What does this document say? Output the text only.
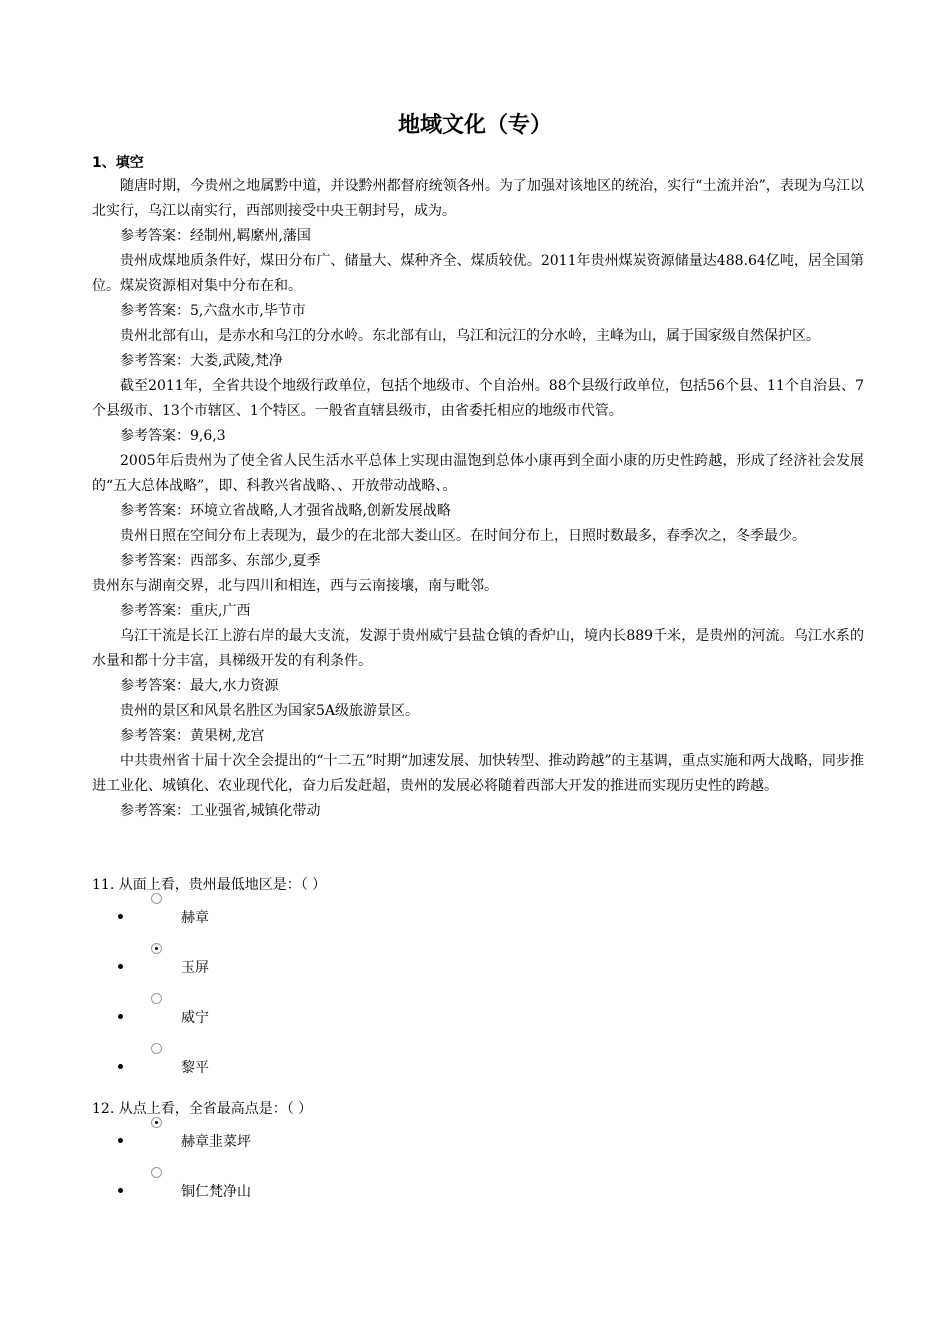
地域文化（专）
1、填空

随唐时期，今贵州之地属黔中道，并设黔州都督府统领各州。为了加强对该地区的统治，实行“土流并治”，表现为乌江以北实行，乌江以南实行，西部则接受中央王朝封号，成为。

参考答案：经制州,羁縻州,藩国

贵州成煤地质条件好，煤田分布广、储量大、煤种齐全、煤质较优。2011年贵州煤炭资源储量达488.64亿吨，居全国第位。煤炭资源相对集中分布在和。

参考答案：5,六盘水市,毕节市

贵州北部有山，是赤水和乌江的分水岭。东北部有山，乌江和沅江的分水岭，主峰为山，属于国家级自然保护区。

参考答案：大娄,武陵,梵净

截至2011年，全省共设个地级行政单位，包括个地级市、个自治州。88个县级行政单位，包括56个县、11个自治县、7个县级市、13个市辖区、1个特区。一般省直辖县级市，由省委托相应的地级市代管。

参考答案：9,6,3

2005年后贵州为了使全省人民生活水平总体上实现由温饱到总体小康再到全面小康的历史性跨越，形成了经济社会发展的“五大总体战略”，即、科教兴省战略、、开放带动战略、。

参考答案：环境立省战略,人才强省战略,创新发展战略

贵州日照在空间分布上表现为，最少的在北部大娄山区。在时间分布上，日照时数最多，春季次之，冬季最少。

参考答案：西部多、东部少,夏季

贵州东与湖南交界，北与四川和相连，西与云南接壤，南与毗邻。

参考答案：重庆,广西

乌江干流是长江上游右岸的最大支流，发源于贵州威宁县盐仓镇的香炉山，境内长889千米，是贵州的河流。乌江水系的水量和都十分丰富，具梯级开发的有利条件。

参考答案：最大,水力资源

贵州的景区和风景名胜区为国家5A级旅游景区。

参考答案：黄果树,龙宫

中共贵州省十届十次全会提出的“十二五”时期“加速发展、加快转型、推动跨越”的主基调，重点实施和两大战略，同步推进工业化、城镇化、农业现代化，奋力后发赶超，贵州的发展必将随着西部大开发的推进而实现历史性的跨越。

参考答案：工业强省,城镇化带动

11. 从面上看，贵州最低地区是：（ ）
赫章
玉屏
威宁
黎平
12. 从点上看，全省最高点是：（ ）
赫章韭菜坪
铜仁梵净山
